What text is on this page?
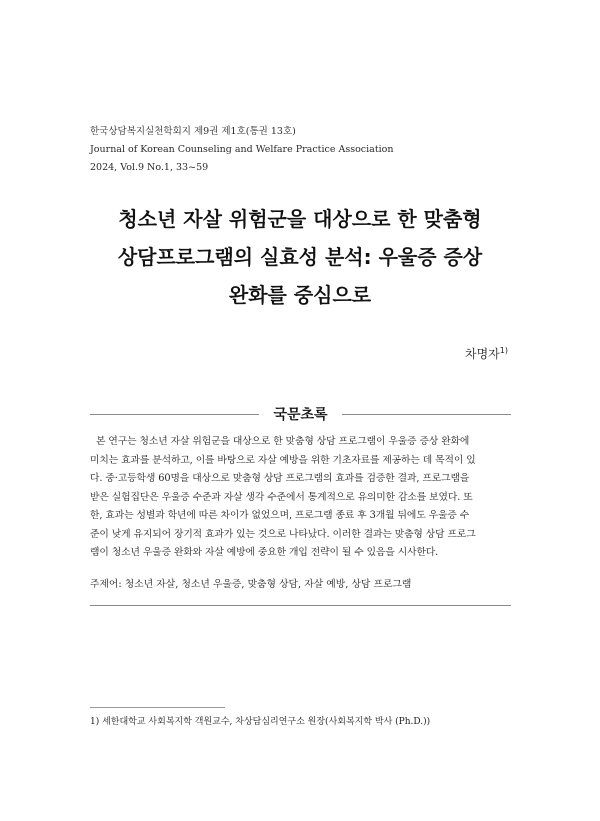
한국상담복지실천학회지 제9권 제1호(통권 13호)
Journal of Korean Counseling and Welfare Practice Association
2024, Vol.9 No.1, 33~59
청소년 자살 위험군을 대상으로 한 맞춤형
상담프로그램의 실효성 분석: 우울증 증상
완화를 중심으로
차명자$^{1)}$
국문초록
본 연구는 청소년 자살 위험군을 대상으로 한 맞춤형 상담 프로그램이 우울증 증상 완화에
미치는 효과를 분석하고, 이를 바탕으로 자살 예방을 위한 기초자료를 제공하는 데 목적이 있
다. 중·고등학생 60명을 대상으로 맞춤형 상담 프로그램의 효과를 검증한 결과, 프로그램을
받은 실험집단은 우울증 수준과 자살 생각 수준에서 통계적으로 유의미한 감소를 보였다. 또
한, 효과는 성별과 학년에 따른 차이가 없었으며, 프로그램 종료 후 3개월 뒤에도 우울증 수
준이 낮게 유지되어 장기적 효과가 있는 것으로 나타났다. 이러한 결과는 맞춤형 상담 프로그
램이 청소년 우울증 완화와 자살 예방에 중요한 개입 전략이 될 수 있음을 시사한다.
주제어: 청소년 자살, 청소년 우울증, 맞춤형 상담, 자살 예방, 상담 프로그램
1) 세한대학교 사회복지학 객원교수, 차상담심리연구소 원장(사회복지학 박사 (Ph.D.))
